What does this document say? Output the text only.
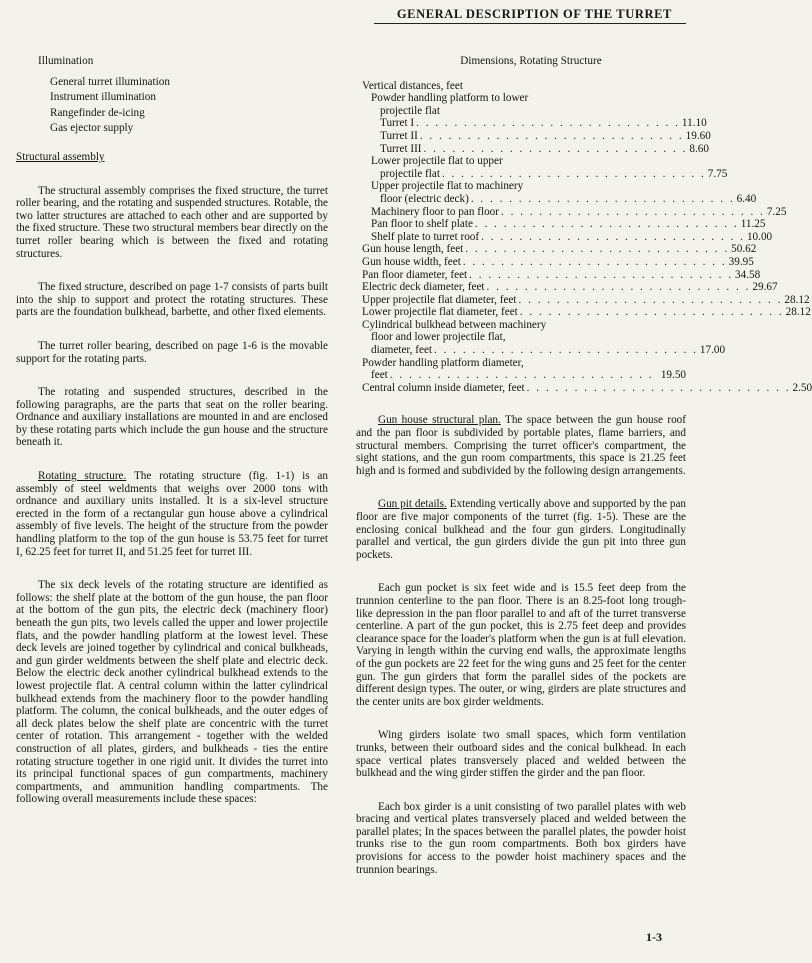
GENERAL DESCRIPTION OF THE TURRET
Illumination
General turret illumination
Instrument illumination
Rangefinder de-icing
Gas ejector supply
Structural assembly

The structural assembly comprises the fixed structure, the turret roller bearing, and the rotating and suspended structures. Rotable, the two latter structures are attached to each other and are supported by the fixed structure. These two structural members bear directly on the turret roller bearing which is between the fixed and rotating structures.

The fixed structure, described on page 1-7 consists of parts built into the ship to support and protect the rotating structures. These parts are the foundation bulkhead, barbette, and other fixed elements.

The turret roller bearing, described on page 1-6 is the movable support for the rotating parts.

The rotating and suspended structures, described in the following paragraphs, are the parts that seat on the roller bearing. Ordnance and auxiliary installations are mounted in and are enclosed by these rotating parts which include the gun house and the structure beneath it.

Rotating structure. The rotating structure (fig. 1-1) is an assembly of steel weldments that weighs over 2000 tons with ordnance and auxiliary units installed. It is a six-level structure erected in the form of a rectangular gun house above a cylindrical assembly of five levels. The height of the structure from the powder handling platform to the top of the gun house is 53.75 feet for turret I, 62.25 feet for turret II, and 51.25 feet for turret III.

The six deck levels of the rotating structure are identified as follows: the shelf plate at the bottom of the gun house, the pan floor at the bottom of the gun pits, the electric deck (machinery floor) beneath the gun pits, two levels called the upper and lower projectile flats, and the powder handling platform at the lowest level. These deck levels are joined together by cylindrical and conical bulkheads, and gun girder weldments between the shelf plate and electric deck. Below the electric deck another cylindrical bulkhead extends to the lowest projectile flat. A central column within the latter cylindrical bulkhead extends from the machinery floor to the powder handling platform. The column, the conical bulkheads, and the outer edges of all deck plates below the shelf plate are concentric with the turret center of rotation. This arrangement - together with the welded construction of all plates, girders, and bulkheads - ties the entire rotating structure together in one rigid unit. It divides the turret into its principal functional spaces of gun compartments, machinery compartments, and ammunition handling compartments. The following overall measurements include these spaces:

Dimensions, Rotating Structure
Vertical distances, feet
Powder handling platform to lower
projectile flat
Turret I . . . . . . . . . . . . . . . . . . . . . . . . . . . . 11.10
Turret II . . . . . . . . . . . . . . . . . . . . . . . . . . . . 19.60
Turret III . . . . . . . . . . . . . . . . . . . . . . . . . . . . 8.60
Lower projectile flat to upper
projectile flat . . . . . . . . . . . . . . . . . . . . . . . . . . . . 7.75
Upper projectile flat to machinery
floor (electric deck) . . . . . . . . . . . . . . . . . . . . . . . . . . . . 6.40
Machinery floor to pan floor . . . . . . . . . . . . . . . . . . . . . . . . . . . . 7.25
Pan floor to shelf plate . . . . . . . . . . . . . . . . . . . . . . . . . . . . 11.25
Shelf plate to turret roof . . . . . . . . . . . . . . . . . . . . . . . . . . . . 10.00
Gun house length, feet . . . . . . . . . . . . . . . . . . . . . . . . . . . . 50.62
Gun house width, feet . . . . . . . . . . . . . . . . . . . . . . . . . . . . 39.95
Pan floor diameter, feet . . . . . . . . . . . . . . . . . . . . . . . . . . . . 34.58
Electric deck diameter, feet . . . . . . . . . . . . . . . . . . . . . . . . . . . . 29.67
Upper projectile flat diameter, feet . . . . . . . . . . . . . . . . . . . . . . . . . . . . 28.12
Lower projectile flat diameter, feet . . . . . . . . . . . . . . . . . . . . . . . . . . . . 28.12
Cylindrical bulkhead between machinery
floor and lower projectile flat,
diameter, feet . . . . . . . . . . . . . . . . . . . . . . . . . . . . 17.00
Powder handling platform diameter,
feet . . . . . . . . . . . . . . . . . . . . . . . . . . . . 19.50
Central column inside diameter, feet . . . . . . . . . . . . . . . . . . . . . . . . . . . . 2.50

Gun house structural plan. The space between the gun house roof and the pan floor is subdivided by portable plates, flame barriers, and structural members. Comprising the turret officer's compartment, the sight stations, and the gun room compartments, this space is 21.25 feet high and is formed and subdivided by the following design arrangements.

Gun pit details. Extending vertically above and supported by the pan floor are five major components of the turret (fig. 1-5). These are the enclosing conical bulkhead and the four gun girders. Longitudinally parallel and vertical, the gun girders divide the gun pit into three gun pockets.

Each gun pocket is six feet wide and is 15.5 feet deep from the trunnion centerline to the pan floor. There is an 8.25-foot long trough-like depression in the pan floor parallel to and aft of the turret transverse centerline. A part of the gun pocket, this is 2.75 feet deep and provides clearance space for the loader's platform when the gun is at full elevation. Varying in length within the curving end walls, the approximate lengths of the gun pockets are 22 feet for the wing guns and 25 feet for the center gun. The gun girders that form the parallel sides of the pockets are different design types. The outer, or wing, girders are plate structures and the center units are box girder weldments.

Wing girders isolate two small spaces, which form ventilation trunks, between their outboard sides and the conical bulkhead. In each space vertical plates transversely placed and welded between the bulkhead and the wing girder stiffen the girder and the pan floor.

Each box girder is a unit consisting of two parallel plates with web bracing and vertical plates transversely placed and welded between the parallel plates; In the spaces between the parallel plates, the powder hoist trunks rise to the gun room compartments. Both box girders have provisions for access to the powder hoist machinery spaces and the trunnion bearings.

1-3
